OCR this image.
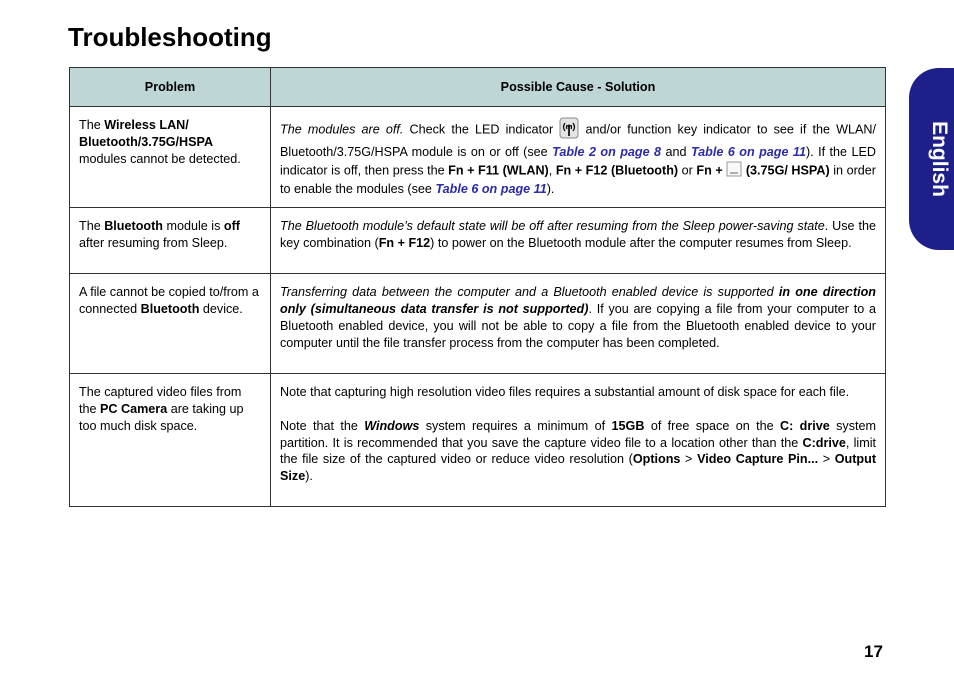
Troubleshooting
English
Problem	Possible Cause - Solution
The Wireless LAN/ Bluetooth/3.75G/HSPA modules cannot be detected.	The modules are off. Check the LED indicator  and/or function key indicator to see if the WLAN/ Bluetooth/3.75G/HSPA module is on or off (see Table 2 on page 8 and Table 6 on page 11). If the LED indicator is off, then press the Fn + F11 (WLAN), Fn + F12 (Bluetooth) or Fn +  (3.75G/ HSPA) in order to enable the modules (see Table 6 on page 11).
The Bluetooth module is off after resuming from Sleep.	The Bluetooth module’s default state will be off after resuming from the Sleep power-saving state. Use the key combination (Fn + F12) to power on the Bluetooth module after the computer resumes from Sleep.
A file cannot be copied to/from a connected Bluetooth device.	Transferring data between the computer and a Bluetooth enabled device is supported in one direction only (simultaneous data transfer is not supported). If you are copying a file from your computer to a Bluetooth enabled device, you will not be able to copy a file from the Bluetooth enabled device to your computer until the file transfer process from the computer has been completed.
The captured video files from the PC Camera are taking up too much disk space.	Note that capturing high resolution video files requires a substantial amount of disk space for each file.
Note that the Windows system requires a minimum of 15GB of free space on the C: drive system partition. It is recommended that you save the capture video file to a location other than the C:drive, limit the file size of the captured video or reduce video resolution (Options > Video Capture Pin... > Output Size).
17
